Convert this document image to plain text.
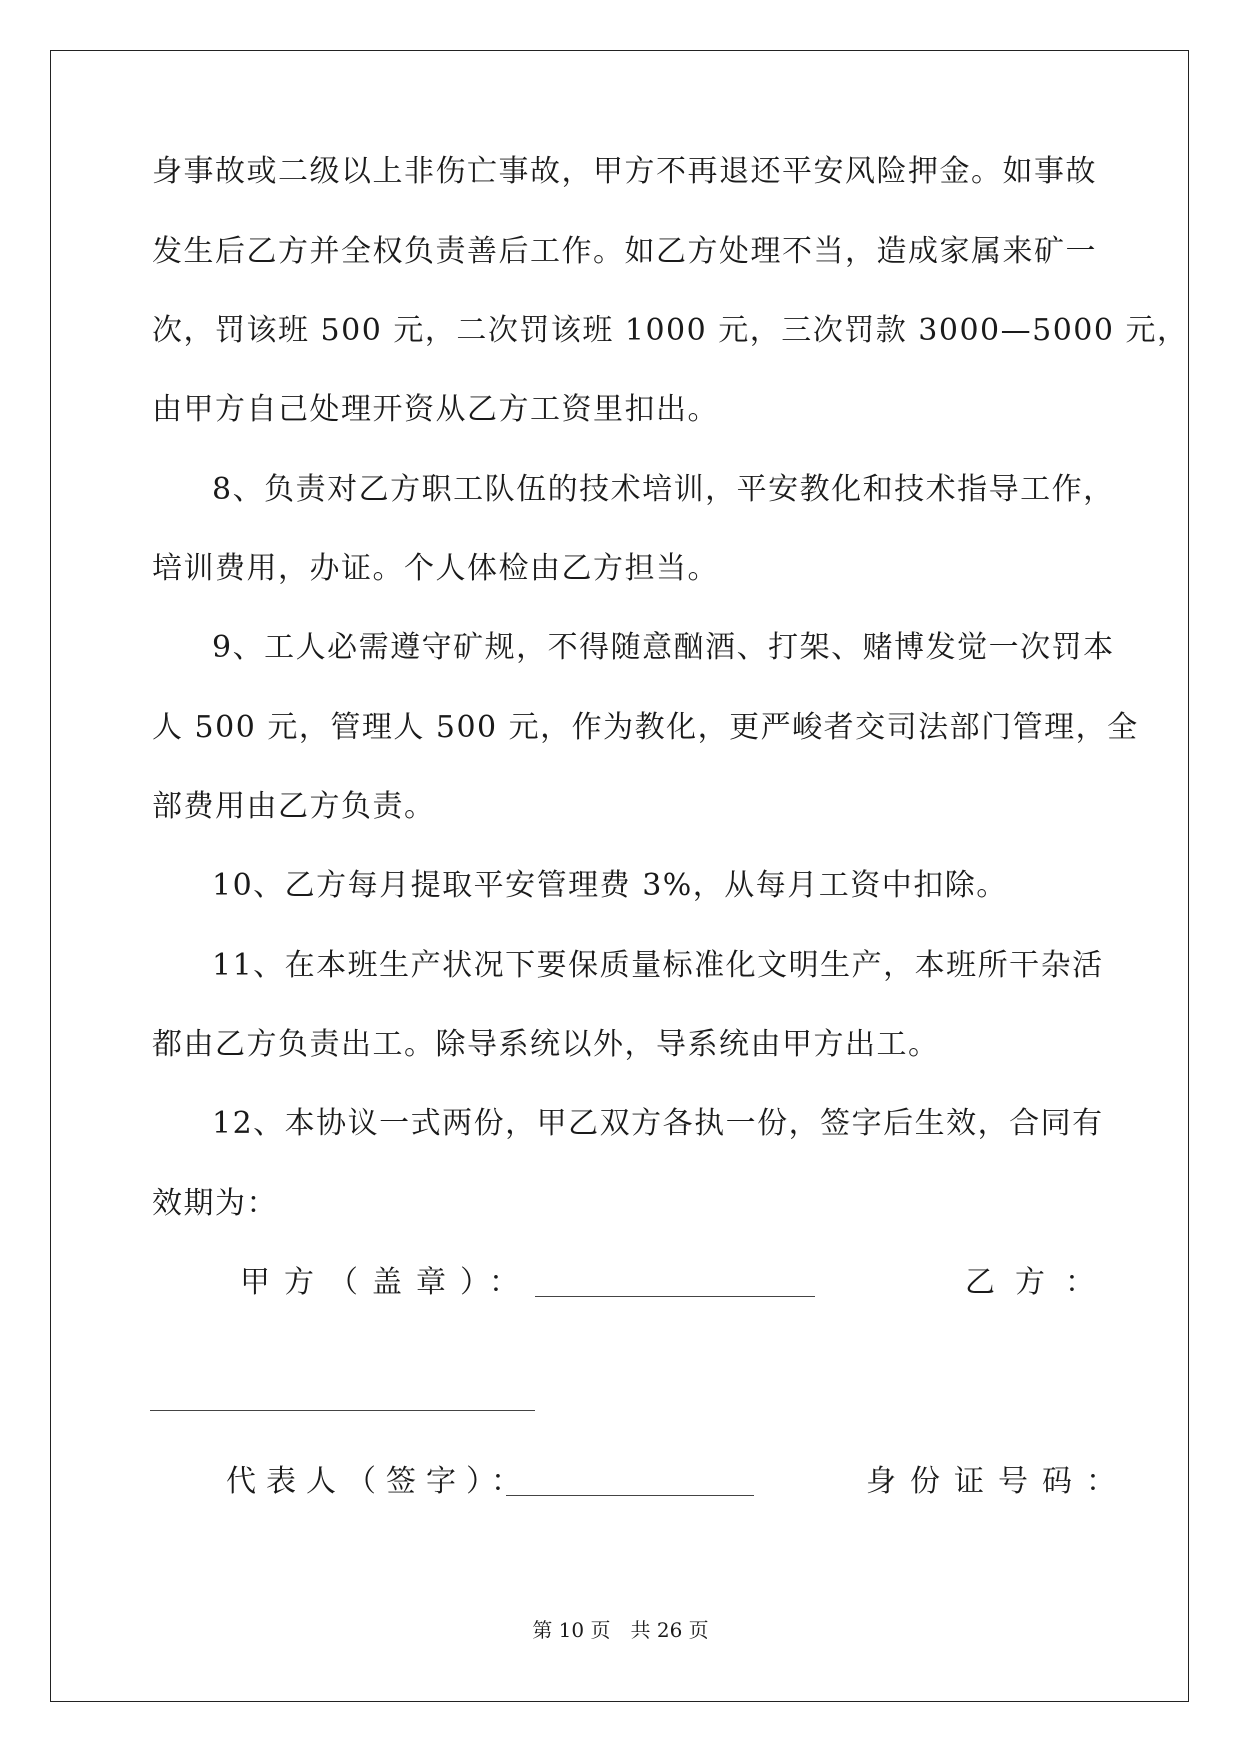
身事故或二级以上非伤亡事故，甲方不再退还平安风险押金。如事故
发生后乙方并全权负责善后工作。如乙方处理不当，造成家属来矿一
次，罚该班 500 元，二次罚该班 1000 元，三次罚款 3000—5000 元，
由甲方自己处理开资从乙方工资里扣出。
8、负责对乙方职工队伍的技术培训，平安教化和技术指导工作，
培训费用，办证。个人体检由乙方担当。
9、工人必需遵守矿规，不得随意酗酒、打架、赌博发觉一次罚本
人 500 元，管理人 500 元，作为教化，更严峻者交司法部门管理，全
部费用由乙方负责。
10、乙方每月提取平安管理费 3%，从每月工资中扣除。
11、在本班生产状况下要保质量标准化文明生产，本班所干杂活
都由乙方负责出工。除导系统以外，导系统由甲方出工。
12、本协议一式两份，甲乙双方各执一份，签字后生效，合同有
效期为：
甲方（盖章）：	乙方：
代表人（签字）：	身份证号码：
第 10 页　共 26 页
